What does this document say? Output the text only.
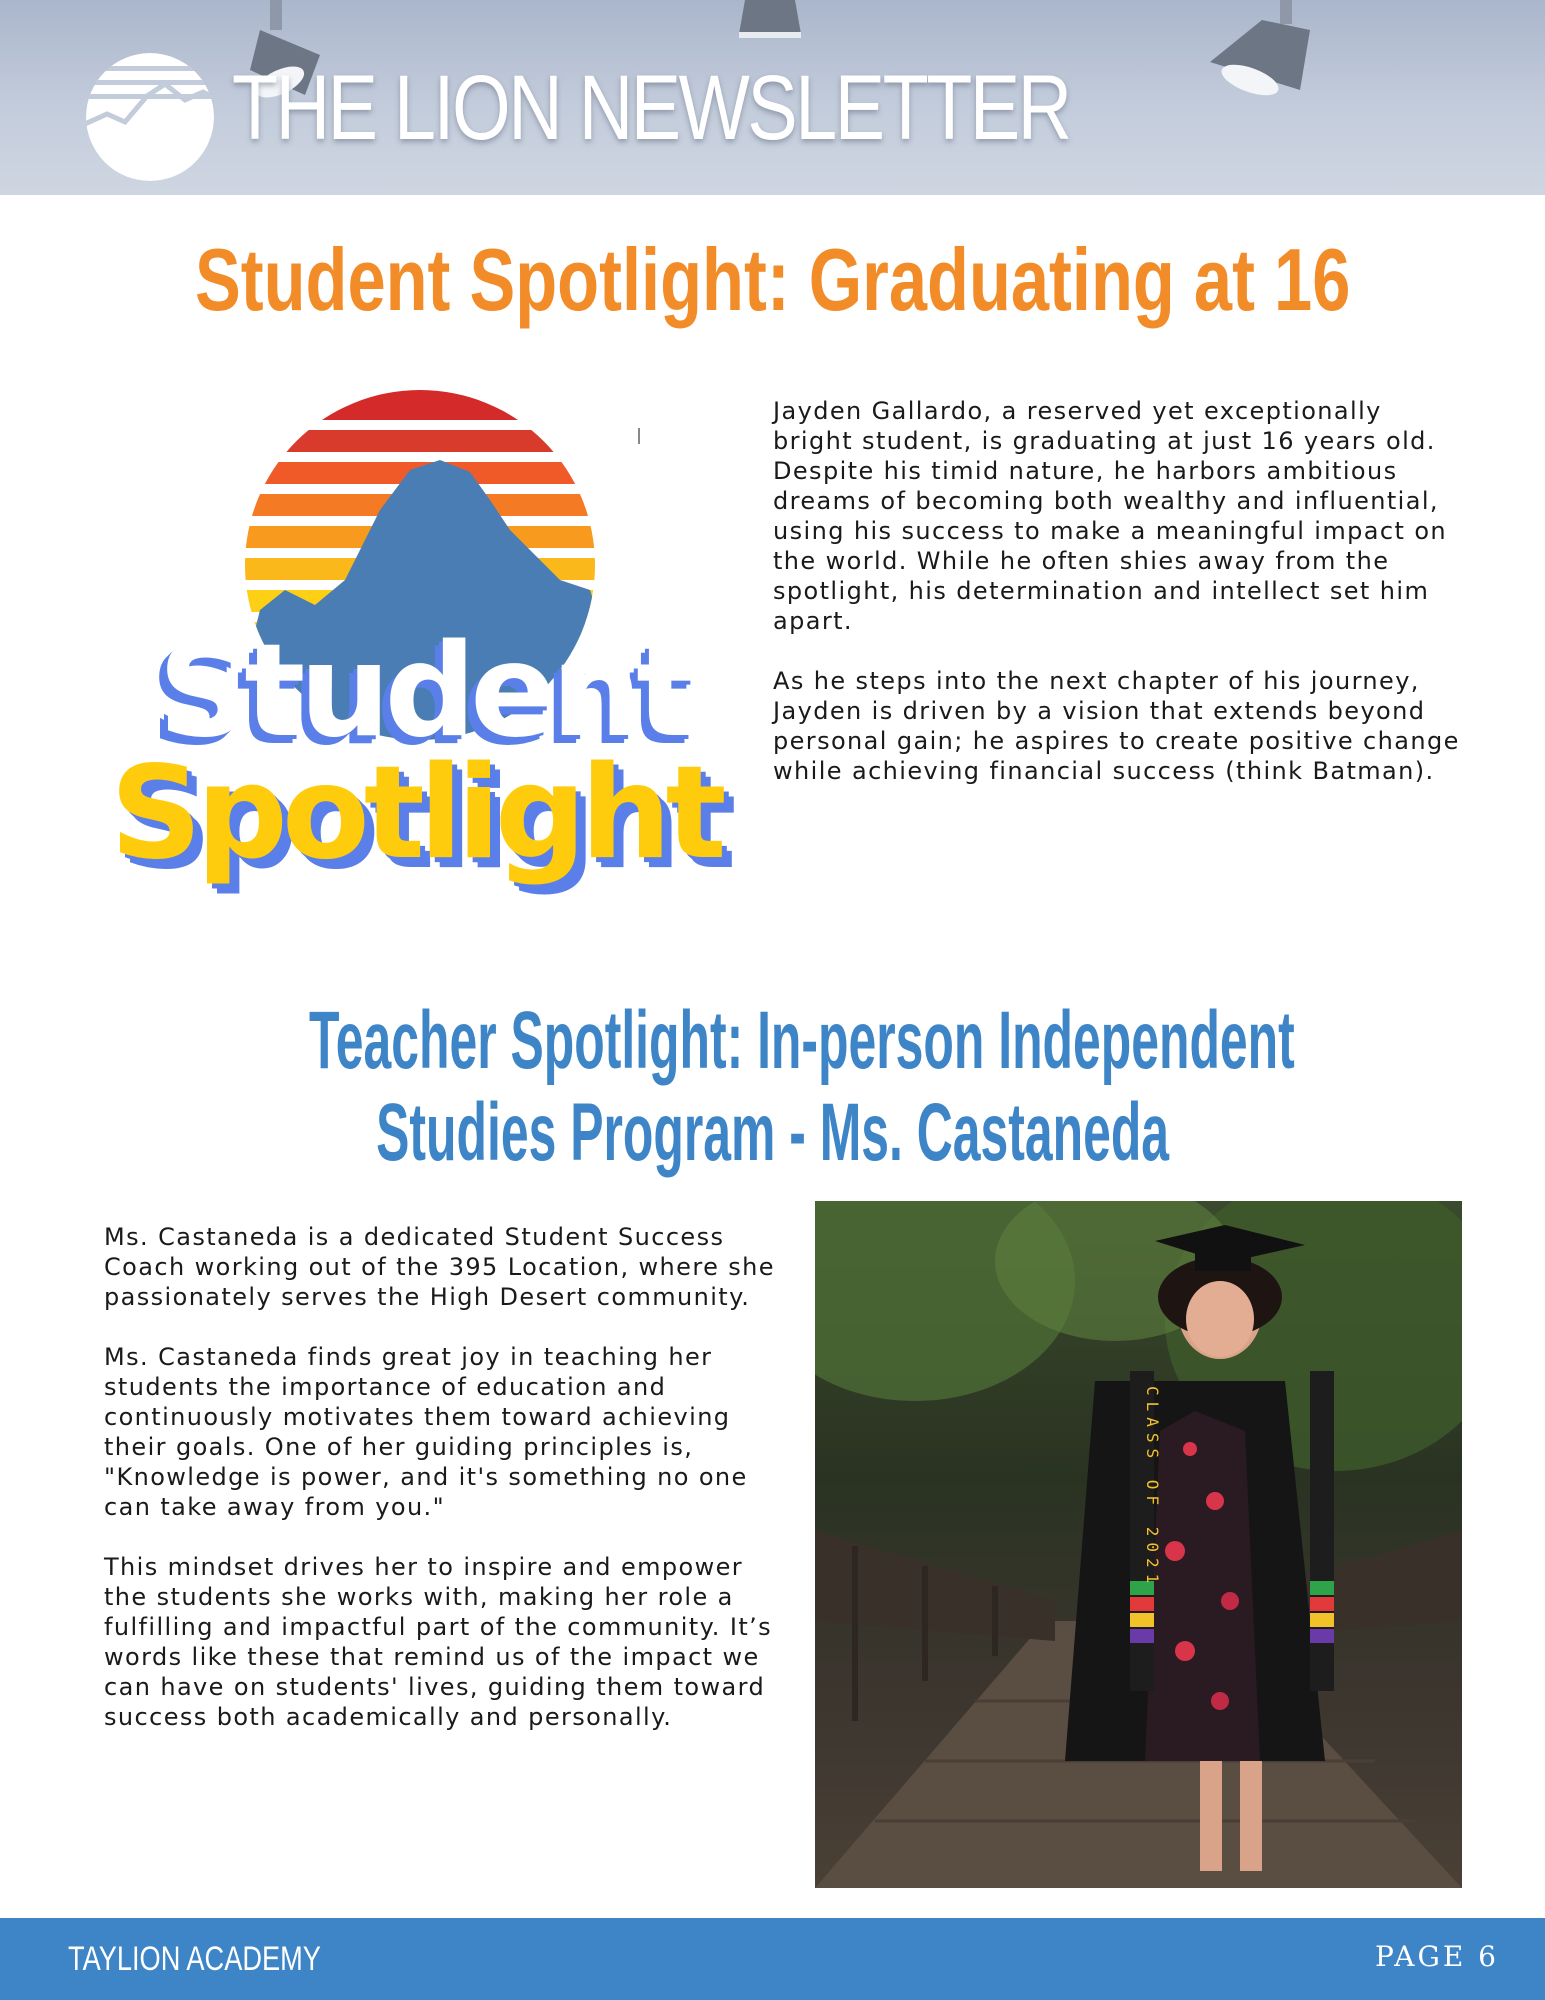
THE LION NEWSLETTER
Student Spotlight: Graduating at 16
Student
Spotlight

Jayden Gallardo, a reserved yet exceptionally bright student, is graduating at just 16 years old. Despite his timid nature, he harbors ambitious dreams of becoming both wealthy and influential, using his success to make a meaningful impact on the world. While he often shies away from the spotlight, his determination and intellect set him apart.

As he steps into the next chapter of his journey, Jayden is driven by a vision that extends beyond personal gain; he aspires to create positive change while achieving financial success (think Batman).

Teacher Spotlight: In-person Independent
Studies Program - Ms. Castaneda

Ms. Castaneda is a dedicated Student Success Coach working out of the 395 Location, where she passionately serves the High Desert community.

Ms. Castaneda finds great joy in teaching her students the importance of education and continuously motivates them toward achieving their goals. One of her guiding principles is, "Knowledge is power, and it's something no one can take away from you."

This mindset drives her to inspire and empower the students she works with, making her role a fulfilling and impactful part of the community. It’s words like these that remind us of the impact we can have on students' lives, guiding them toward success both academically and personally.

CLASS OF 2021
TAYLION ACADEMY	PAGE 6
